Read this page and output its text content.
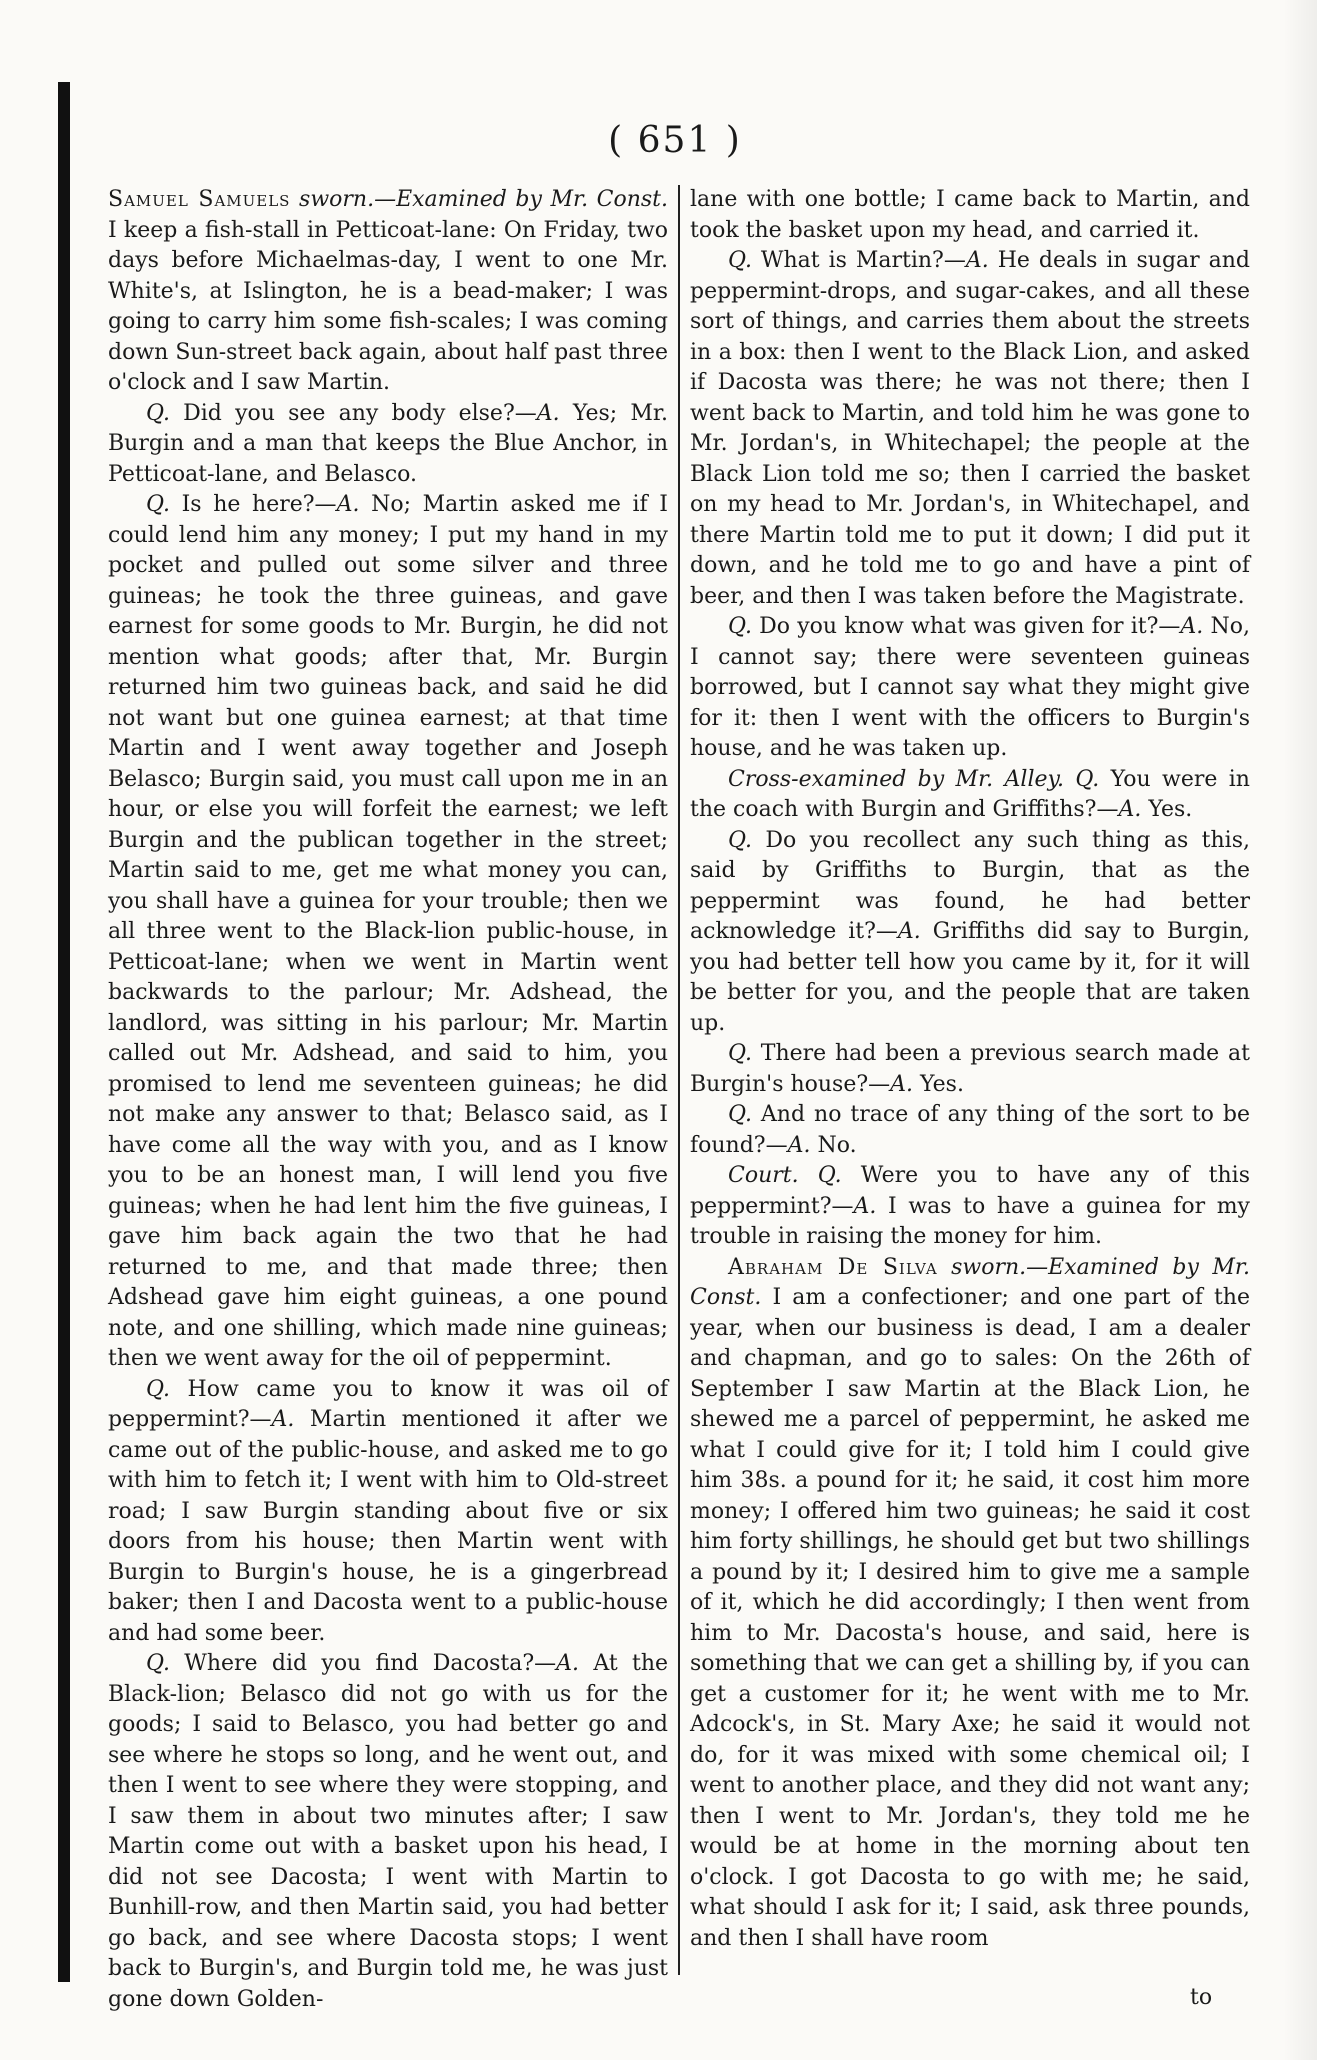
( 651 )

Samuel Samuels sworn.—Examined by Mr. Const. I keep a fish-stall in Petticoat-lane: On Friday, two days before Michaelmas-day, I went to one Mr. White's, at Islington, he is a bead-maker; I was going to carry him some fish-scales; I was coming down Sun-street back again, about half past three o'clock and I saw Martin.

Q. Did you see any body else?—A. Yes; Mr. Burgin and a man that keeps the Blue Anchor, in Petticoat-lane, and Belasco.

Q. Is he here?—A. No; Martin asked me if I could lend him any money; I put my hand in my pocket and pulled out some silver and three guineas; he took the three guineas, and gave earnest for some goods to Mr. Burgin, he did not mention what goods; after that, Mr. Burgin returned him two guineas back, and said he did not want but one guinea earnest; at that time Martin and I went away together and Joseph Belasco; Burgin said, you must call upon me in an hour, or else you will forfeit the earnest; we left Burgin and the publican together in the street; Martin said to me, get me what money you can, you shall have a guinea for your trouble; then we all three went to the Black-lion public-house, in Petticoat-lane; when we went in Martin went backwards to the parlour; Mr. Adshead, the landlord, was sitting in his parlour; Mr. Martin called out Mr. Adshead, and said to him, you promised to lend me seventeen guineas; he did not make any answer to that; Belasco said, as I have come all the way with you, and as I know you to be an honest man, I will lend you five guineas; when he had lent him the five guineas, I gave him back again the two that he had returned to me, and that made three; then Adshead gave him eight guineas, a one pound note, and one shilling, which made nine guineas; then we went away for the oil of peppermint.

Q. How came you to know it was oil of peppermint?—A. Martin mentioned it after we came out of the public-house, and asked me to go with him to fetch it; I went with him to Old-street road; I saw Burgin standing about five or six doors from his house; then Martin went with Burgin to Burgin's house, he is a gingerbread baker; then I and Dacosta went to a public-house and had some beer.

Q. Where did you find Dacosta?—A. At the Black-lion; Belasco did not go with us for the goods; I said to Belasco, you had better go and see where he stops so long, and he went out, and then I went to see where they were stopping, and I saw them in about two minutes after; I saw Martin come out with a basket upon his head, I did not see Dacosta; I went with Martin to Bunhill-row, and then Martin said, you had better go back, and see where Dacosta stops; I went back to Burgin's, and Burgin told me, he was just gone down Golden-

lane with one bottle; I came back to Martin, and took the basket upon my head, and carried it.

Q. What is Martin?—A. He deals in sugar and peppermint-drops, and sugar-cakes, and all these sort of things, and carries them about the streets in a box: then I went to the Black Lion, and asked if Dacosta was there; he was not there; then I went back to Martin, and told him he was gone to Mr. Jordan's, in Whitechapel; the people at the Black Lion told me so; then I carried the basket on my head to Mr. Jordan's, in Whitechapel, and there Martin told me to put it down; I did put it down, and he told me to go and have a pint of beer, and then I was taken before the Magistrate.

Q. Do you know what was given for it?—A. No, I cannot say; there were seventeen guineas borrowed, but I cannot say what they might give for it: then I went with the officers to Burgin's house, and he was taken up.

Cross-examined by Mr. Alley. Q. You were in the coach with Burgin and Griffiths?—A. Yes.

Q. Do you recollect any such thing as this, said by Griffiths to Burgin, that as the peppermint was found, he had better acknowledge it?—A. Griffiths did say to Burgin, you had better tell how you came by it, for it will be better for you, and the people that are taken up.

Q. There had been a previous search made at Burgin's house?—A. Yes.

Q. And no trace of any thing of the sort to be found?—A. No.

Court. Q. Were you to have any of this peppermint?—A. I was to have a guinea for my trouble in raising the money for him.

Abraham De Silva sworn.—Examined by Mr. Const. I am a confectioner; and one part of the year, when our business is dead, I am a dealer and chapman, and go to sales: On the 26th of September I saw Martin at the Black Lion, he shewed me a parcel of peppermint, he asked me what I could give for it; I told him I could give him 38s. a pound for it; he said, it cost him more money; I offered him two guineas; he said it cost him forty shillings, he should get but two shillings a pound by it; I desired him to give me a sample of it, which he did accordingly; I then went from him to Mr. Dacosta's house, and said, here is something that we can get a shilling by, if you can get a customer for it; he went with me to Mr. Adcock's, in St. Mary Axe; he said it would not do, for it was mixed with some chemical oil; I went to another place, and they did not want any; then I went to Mr. Jordan's, they told me he would be at home in the morning about ten o'clock. I got Dacosta to go with me; he said, what should I ask for it; I said, ask three pounds, and then I shall have room

to
